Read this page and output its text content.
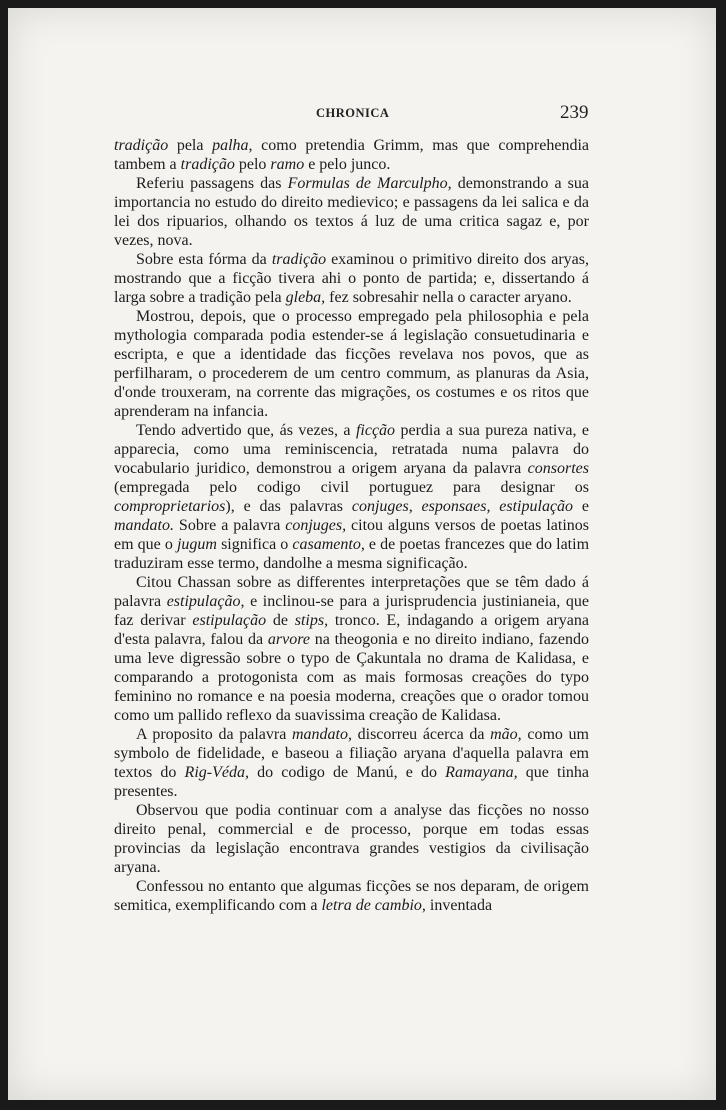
CHRONICA	239

tradição pela palha, como pretendia Grimm, mas que comprehendia tambem a tradição pelo ramo e pelo junco.

Referiu passagens das Formulas de Marculpho, demonstrando a sua importancia no estudo do direito medievico; e passagens da lei salica e da lei dos ripuarios, olhando os textos á luz de uma critica sagaz e, por vezes, nova.

Sobre esta fórma da tradição examinou o primitivo direito dos aryas, mostrando que a ficção tivera ahi o ponto de partida; e, dissertando á larga sobre a tradição pela gleba, fez sobresahir nella o caracter aryano.

Mostrou, depois, que o processo empregado pela philosophia e pela mythologia comparada podia estender-se á legislação consuetudinaria e escripta, e que a identidade das ficções revelava nos povos, que as perfilharam, o procederem de um centro commum, as planuras da Asia, d'onde trouxeram, na corrente das migrações, os costumes e os ritos que aprenderam na infancia.

Tendo advertido que, ás vezes, a ficção perdia a sua pureza nativa, e apparecia, como uma reminiscencia, retratada numa palavra do vocabulario juridico, demonstrou a origem aryana da palavra consortes (empregada pelo codigo civil portuguez para designar os comproprietarios), e das palavras conjuges, esponsaes, estipulação e mandato. Sobre a palavra conjuges, citou alguns versos de poetas latinos em que o jugum significa o casamento, e de poetas francezes que do latim traduziram esse termo, dandolhe a mesma significação.

Citou Chassan sobre as differentes interpretações que se têm dado á palavra estipulação, e inclinou-se para a jurisprudencia justinianeia, que faz derivar estipulação de stips, tronco. E, indagando a origem aryana d'esta palavra, falou da arvore na theogonia e no direito indiano, fazendo uma leve digressão sobre o typo de Çakuntala no drama de Kalidasa, e comparando a protogonista com as mais formosas creações do typo feminino no romance e na poesia moderna, creações que o orador tomou como um pallido reflexo da suavissima creação de Kalidasa.

A proposito da palavra mandato, discorreu ácerca da mão, como um symbolo de fidelidade, e baseou a filiação aryana d'aquella palavra em textos do Rig-Véda, do codigo de Manú, e do Ramayana, que tinha presentes.

Observou que podia continuar com a analyse das ficções no nosso direito penal, commercial e de processo, porque em todas essas provincias da legislação encontrava grandes vestigios da civilisação aryana.

Confessou no entanto que algumas ficções se nos deparam, de origem semitica, exemplificando com a letra de cambio, inventada
